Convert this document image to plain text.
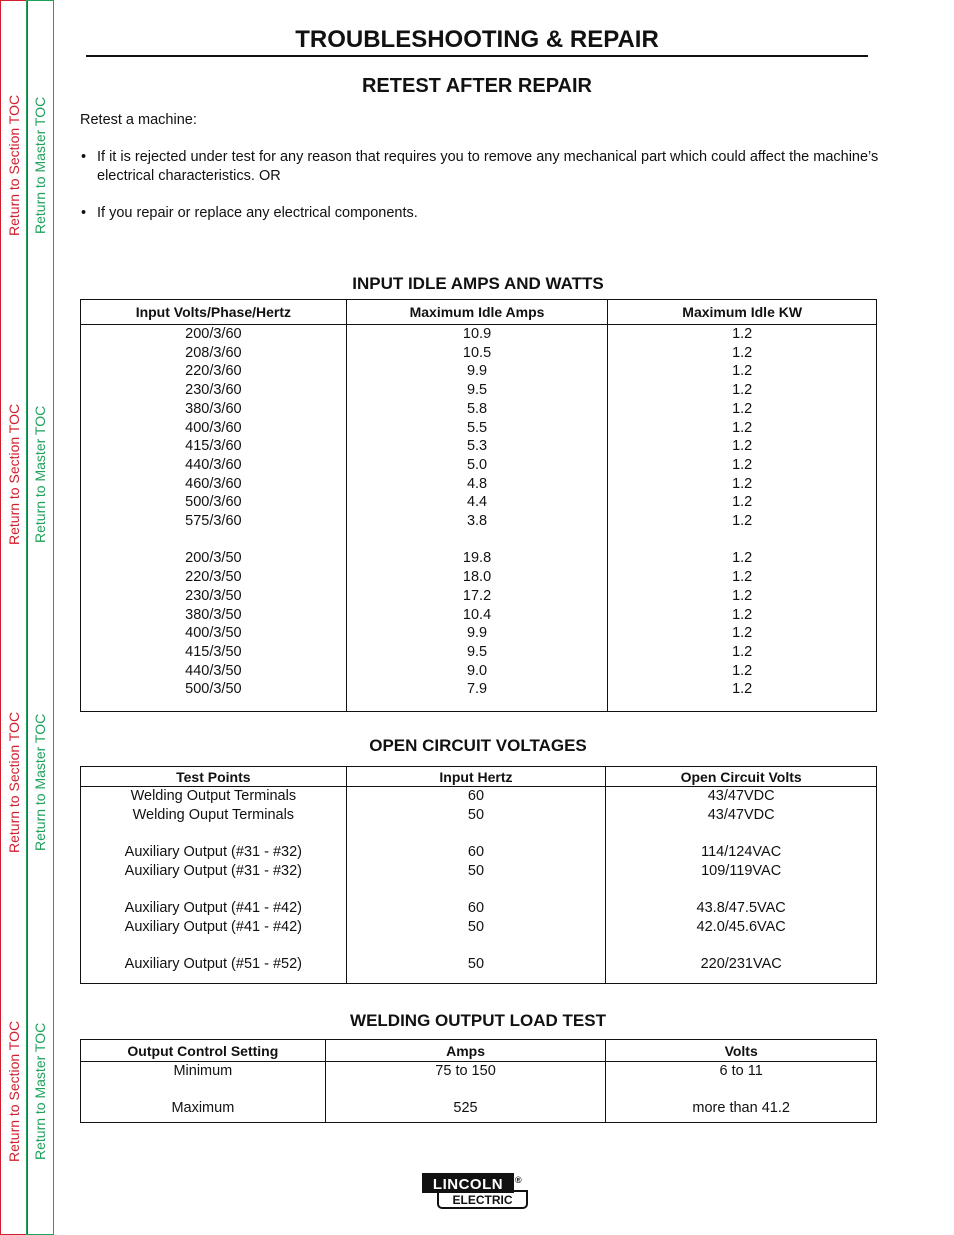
Return to Section TOC Return to Master TOC
Return to Section TOC Return to Master TOC
Return to Section TOC Return to Master TOC
Return to Section TOC Return to Master TOC
TROUBLESHOOTING & REPAIR
RETEST AFTER REPAIR
Retest a machine:
• If it is rejected under test for any reason that requires you to remove any mechanical part which could affect the machine’s electrical characteristics. OR
• If you repair or replace any electrical components.
INPUT IDLE AMPS AND WATTS
Input Volts/Phase/Hertz	Maximum Idle Amps	Maximum Idle KW
200/3/60	10.9	1.2
208/3/60	10.5	1.2
220/3/60	9.9	1.2
230/3/60	9.5	1.2
380/3/60	5.8	1.2
400/3/60	5.5	1.2
415/3/60	5.3	1.2
440/3/60	5.0	1.2
460/3/60	4.8	1.2
500/3/60	4.4	1.2
575/3/60	3.8	1.2

200/3/50	19.8	1.2
220/3/50	18.0	1.2
230/3/50	17.2	1.2
380/3/50	10.4	1.2
400/3/50	9.9	1.2
415/3/50	9.5	1.2
440/3/50	9.0	1.2
500/3/50	7.9	1.2

OPEN CIRCUIT VOLTAGES
Test Points	Input Hertz	Open Circuit Volts
Welding Output Terminals	60	43/47VDC
Welding Ouput Terminals	50	43/47VDC

Auxiliary Output (#31 - #32)	60	114/124VAC
Auxiliary Output (#31 - #32)	50	109/119VAC

Auxiliary Output (#41 - #42)	60	43.8/47.5VAC
Auxiliary Output (#41 - #42)	50	42.0/45.6VAC

Auxiliary Output (#51 - #52)	50	220/231VAC

WELDING OUTPUT LOAD TEST
Output Control Setting	Amps	Volts
Minimum	75 to 150	6 to 11

Maximum	525	more than 41.2

LINCOLN	®
ELECTRIC
